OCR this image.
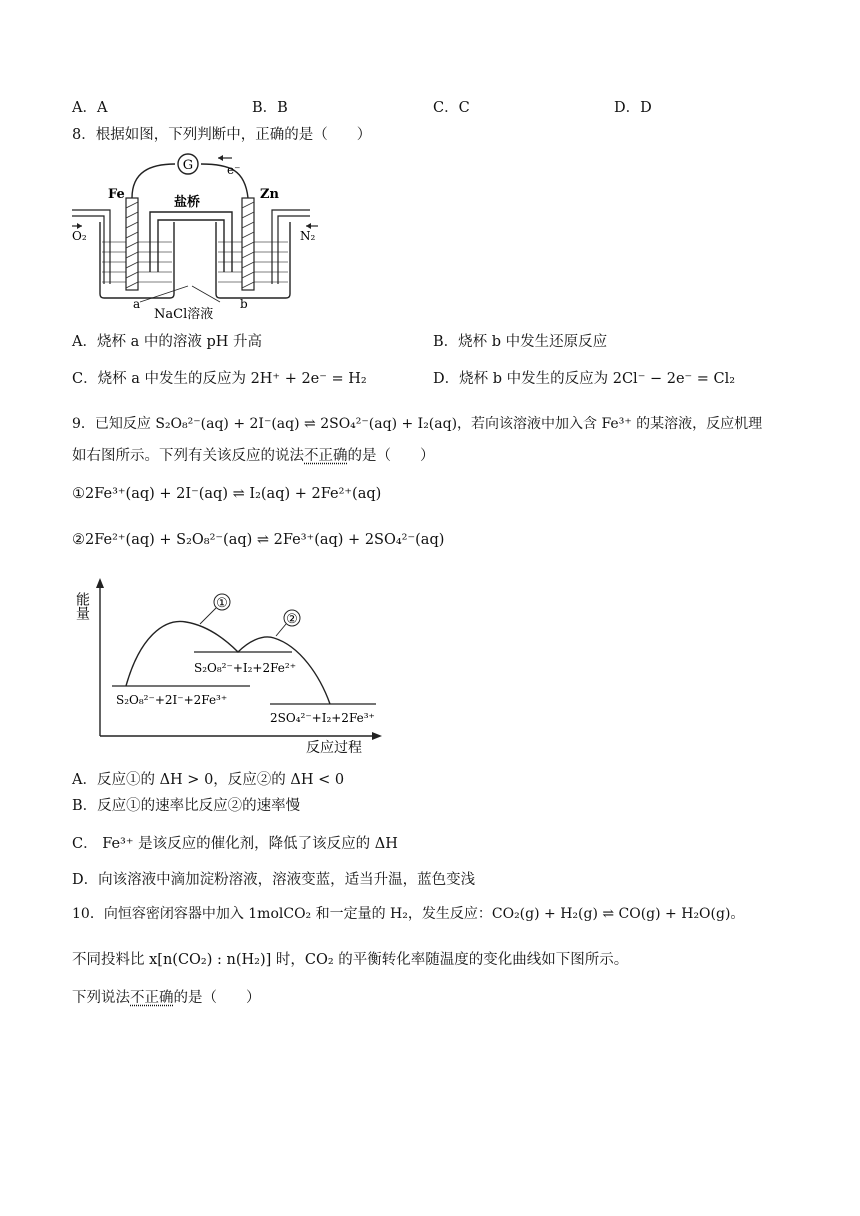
A．A	B．B	C．C	D．D
8．根据如图，下列判断中，正确的是（　　）
G	e⁻
Fe	Zn
盐桥
O₂	N₂
a	b
NaCl溶液
A．烧杯 a 中的溶液 pH 升高	B．烧杯 b 中发生还原反应
C．烧杯 a 中发生的反应为 2H⁺ + 2e⁻ = H₂	D．烧杯 b 中发生的反应为 2Cl⁻ − 2e⁻ = Cl₂
9．已知反应 S₂O₈²⁻(aq) + 2I⁻(aq) ⇌ 2SO₄²⁻(aq) + I₂(aq)，若向该溶液中加入含 Fe³⁺ 的某溶液，反应机理
如右图所示。下列有关该反应的说法不正确的是（　　）
①2Fe³⁺(aq) + 2I⁻(aq) ⇌ I₂(aq) + 2Fe²⁺(aq)
②2Fe²⁺(aq) + S₂O₈²⁻(aq) ⇌ 2Fe³⁺(aq) + 2SO₄²⁻(aq)
能量
反应过程
①
②
S₂O₈²⁻+2I⁻+2Fe³⁺
S₂O₈²⁻+I₂+2Fe²⁺
2SO₄²⁻+I₂+2Fe³⁺
A．反应①的 ΔH > 0，反应②的 ΔH < 0
B．反应①的速率比反应②的速率慢
C． Fe³⁺ 是该反应的催化剂，降低了该反应的 ΔH
D．向该溶液中滴加淀粉溶液，溶液变蓝，适当升温，蓝色变浅
10．向恒容密闭容器中加入 1molCO₂ 和一定量的 H₂，发生反应：CO₂(g) + H₂(g) ⇌ CO(g) + H₂O(g)。
不同投料比 x[n(CO₂) : n(H₂)] 时，CO₂ 的平衡转化率随温度的变化曲线如下图所示。
下列说法不正确的是（　　）
